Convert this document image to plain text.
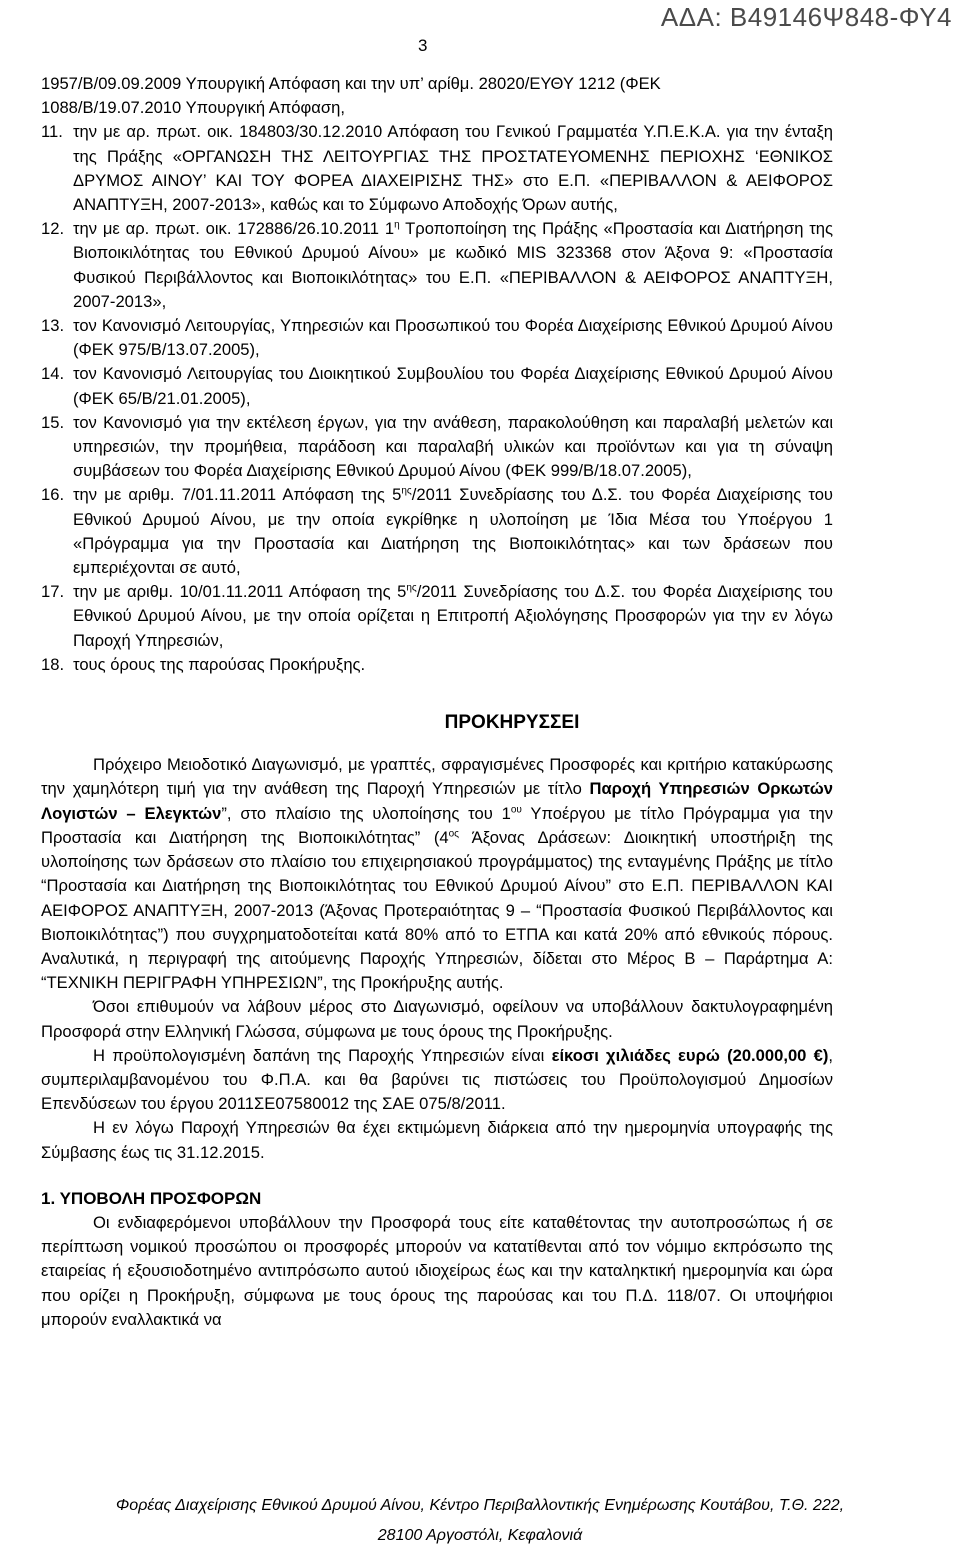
ΑΔΑ: Β49146Ψ848-ΦΥ4
3

1957/Β/09.09.2009 Υπουργική Απόφαση και την υπ’ αρίθμ. 28020/ΕΥΘΥ 1212 (ΦΕΚ

1088/Β/19.07.2010 Υπουργική Απόφαση,

11. την με αρ. πρωτ. οικ. 184803/30.12.2010 Απόφαση του Γενικού Γραμματέα Υ.Π.Ε.Κ.Α. για την ένταξη της Πράξης «ΟΡΓΑΝΩΣΗ ΤΗΣ ΛΕΙΤΟΥΡΓΙΑΣ ΤΗΣ ΠΡΟΣΤΑΤΕΥΟΜΕΝΗΣ ΠΕΡΙΟΧΗΣ ‘ΕΘΝΙΚΟΣ ΔΡΥΜΟΣ ΑΙΝΟΥ’ ΚΑΙ ΤΟΥ ΦΟΡΕΑ ΔΙΑΧΕΙΡΙΣΗΣ ΤΗΣ» στο Ε.Π. «ΠΕΡΙΒΑΛΛΟΝ & ΑΕΙΦΟΡΟΣ ΑΝΑΠΤΥΞΗ, 2007-2013», καθώς και το Σύμφωνο Αποδοχής Όρων αυτής,
12. την με αρ. πρωτ. οικ. 172886/26.10.2011 $1^\eta$ Τροποποίηση της Πράξης «Προστασία και Διατήρηση της Βιοποικιλότητας του Εθνικού Δρυμού Αίνου» με κωδικό MIS 323368 στον Άξονα 9: «Προστασία Φυσικού Περιβάλλοντος και Βιοποικιλότητας» του Ε.Π. «ΠΕΡΙΒΑΛΛΟΝ & ΑΕΙΦΟΡΟΣ ΑΝΑΠΤΥΞΗ, 2007-2013»,
13. τον Κανονισμό Λειτουργίας, Υπηρεσιών και Προσωπικού του Φορέα Διαχείρισης Εθνικού Δρυμού Αίνου (ΦΕΚ 975/Β/13.07.2005),
14. τον Κανονισμό Λειτουργίας του Διοικητικού Συμβουλίου του Φορέα Διαχείρισης Εθνικού Δρυμού Αίνου (ΦΕΚ 65/Β/21.01.2005),
15. τον Κανονισμό για την εκτέλεση έργων, για την ανάθεση, παρακολούθηση και παραλαβή μελετών και υπηρεσιών, την προμήθεια, παράδοση και παραλαβή υλικών και προϊόντων και για τη σύναψη συμβάσεων του Φορέα Διαχείρισης Εθνικού Δρυμού Αίνου (ΦΕΚ 999/Β/18.07.2005),
16. την με αριθμ. 7/01.11.2011 Απόφαση της $5^{\eta\varsigma}/2011$ Συνεδρίασης του Δ.Σ. του Φορέα Διαχείρισης του Εθνικού Δρυμού Αίνου, με την οποία εγκρίθηκε η υλοποίηση με Ίδια Μέσα του Υποέργου 1 «Πρόγραμμα για την Προστασία και Διατήρηση της Βιοποικιλότητας» και των δράσεων που εμπεριέχονται σε αυτό,
17. την με αριθμ. 10/01.11.2011 Απόφαση της $5^{\eta\varsigma}/2011$ Συνεδρίασης του Δ.Σ. του Φορέα Διαχείρισης του Εθνικού Δρυμού Αίνου, με την οποία ορίζεται η Επιτροπή Αξιολόγησης Προσφορών για την εν λόγω Παροχή Υπηρεσιών,
18. τους όρους της παρούσας Προκήρυξης.

ΠΡΟΚΗΡΥΣΣΕΙ

Πρόχειρο Μειοδοτικό Διαγωνισμό, με γραπτές, σφραγισμένες Προσφορές και κριτήριο κατακύρωσης την χαμηλότερη τιμή για την ανάθεση της Παροχή Υπηρεσιών με τίτλο Παροχή Υπηρεσιών Ορκωτών Λογιστών – Ελεγκτών”, στο πλαίσιο της υλοποίησης του $1^{o\upsilon}$ Υποέργου με τίτλο Πρόγραμμα για την Προστασία και Διατήρηση της Βιοποικιλότητας” ($4^{o\varsigma}$ Άξονας Δράσεων: Διοικητική υποστήριξη της υλοποίησης των δράσεων στο πλαίσιο του επιχειρησιακού προγράμματος) της ενταγμένης Πράξης με τίτλο “Προστασία και Διατήρηση της Βιοποικιλότητας του Εθνικού Δρυμού Αίνου” στο Ε.Π. ΠΕΡΙΒΑΛΛΟΝ ΚΑΙ ΑΕΙΦΟΡΟΣ ΑΝΑΠΤΥΞΗ, 2007-2013 (Άξονας Προτεραιότητας 9 – “Προστασία Φυσικού Περιβάλλοντος και Βιοποικιλότητας”) που συγχρηματοδοτείται κατά 80% από το ΕΤΠΑ και κατά 20% από εθνικούς πόρους. Αναλυτικά, η περιγραφή της αιτούμενης Παροχής Υπηρεσιών, δίδεται στο Μέρος Β – Παράρτημα Α: “ΤΕΧΝΙΚΗ ΠΕΡΙΓΡΑΦΗ ΥΠΗΡΕΣΙΩΝ”, της Προκήρυξης αυτής.

Όσοι επιθυμούν να λάβουν μέρος στο Διαγωνισμό, οφείλουν να υποβάλλουν δακτυλογραφημένη Προσφορά στην Ελληνική Γλώσσα, σύμφωνα με τους όρους της Προκήρυξης.

Η προϋπολογισμένη δαπάνη της Παροχής Υπηρεσιών είναι είκοσι χιλιάδες ευρώ (20.000,00 €), συμπεριλαμβανομένου του Φ.Π.Α. και θα βαρύνει τις πιστώσεις του Προϋπολογισμού Δημοσίων Επενδύσεων του έργου 2011ΣΕ07580012 της ΣΑΕ 075/8/2011.

Η εν λόγω Παροχή Υπηρεσιών θα έχει εκτιμώμενη διάρκεια από την ημερομηνία υπογραφής της Σύμβασης έως τις 31.12.2015.

1. ΥΠΟΒΟΛΗ ΠΡΟΣΦΟΡΩΝ

Οι ενδιαφερόμενοι υποβάλλουν την Προσφορά τους είτε καταθέτοντας την αυτοπροσώπως ή σε περίπτωση νομικού προσώπου οι προσφορές μπορούν να κατατίθενται από τον νόμιμο εκπρόσωπο της εταιρείας ή εξουσιοδοτημένο αντιπρόσωπο αυτού ιδιοχείρως έως και την καταληκτική ημερομηνία και ώρα που ορίζει η Προκήρυξη, σύμφωνα με τους όρους της παρούσας και του Π.Δ. 118/07. Οι υποψήφιοι μπορούν εναλλακτικά να

Φορέας Διαχείρισης Εθνικού Δρυμού Αίνου, Κέντρο Περιβαλλοντικής Ενημέρωσης Κουτάβου, Τ.Θ. 222,
28100 Αργοστόλι, Κεφαλονιά
